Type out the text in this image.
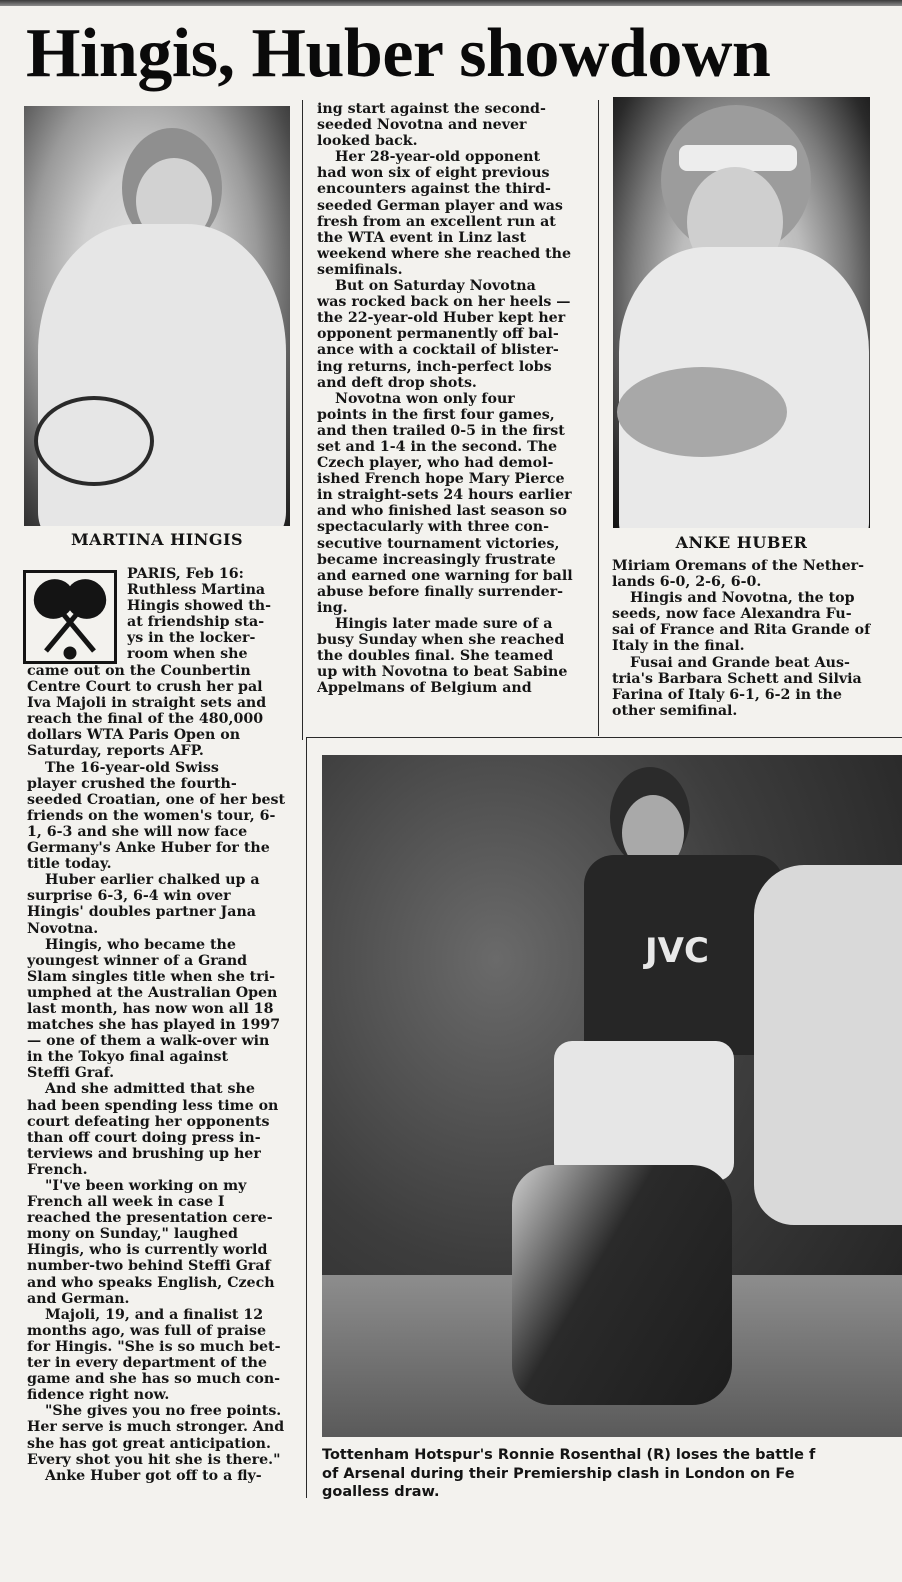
Hingis, Huber showdown
MARTINA HINGIS	ANKE HUBER
PARIS, Feb 16:
Ruthless Martina
Hingis showed th-
at friendship sta-
ys in the locker-
room when she
came out on the Counbertin
Centre Court to crush her pal
Iva Majoli in straight sets and
reach the final of the 480,000
dollars WTA Paris Open on
Saturday, reports AFP.
The 16-year-old Swiss
player crushed the fourth-
seeded Croatian, one of her best
friends on the women's tour, 6-
1, 6-3 and she will now face
Germany's Anke Huber for the
title today.
Huber earlier chalked up a
surprise 6-3, 6-4 win over
Hingis' doubles partner Jana
Novotna.
Hingis, who became the
youngest winner of a Grand
Slam singles title when she tri-
umphed at the Australian Open
last month, has now won all 18
matches she has played in 1997
— one of them a walk-over win
in the Tokyo final against
Steffi Graf.
And she admitted that she
had been spending less time on
court defeating her opponents
than off court doing press in-
terviews and brushing up her
French.
"I've been working on my
French all week in case I
reached the presentation cere-
mony on Sunday," laughed
Hingis, who is currently world
number-two behind Steffi Graf
and who speaks English, Czech
and German.
Majoli, 19, and a finalist 12
months ago, was full of praise
for Hingis. "She is so much bet-
ter in every department of the
game and she has so much con-
fidence right now.
"She gives you no free points.
Her serve is much stronger. And
she has got great anticipation.
Every shot you hit she is there."
Anke Huber got off to a fly-
ing start against the second-
seeded Novotna and never
looked back.
Her 28-year-old opponent
had won six of eight previous
encounters against the third-
seeded German player and was
fresh from an excellent run at
the WTA event in Linz last
weekend where she reached the
semifinals.
But on Saturday Novotna
was rocked back on her heels —
the 22-year-old Huber kept her
opponent permanently off bal-
ance with a cocktail of blister-
ing returns, inch-perfect lobs
and deft drop shots.
Novotna won only four
points in the first four games,
and then trailed 0-5 in the first
set and 1-4 in the second. The
Czech player, who had demol-
ished French hope Mary Pierce
in straight-sets 24 hours earlier
and who finished last season so
spectacularly with three con-
secutive tournament victories,
became increasingly frustrate
and earned one warning for ball
abuse before finally surrender-
ing.
Hingis later made sure of a
busy Sunday when she reached
the doubles final. She teamed
up with Novotna to beat Sabine
Appelmans of Belgium and
Miriam Oremans of the Nether-
lands 6-0, 2-6, 6-0.
Hingis and Novotna, the top
seeds, now face Alexandra Fu-
sai of France and Rita Grande of
Italy in the final.
Fusai and Grande beat Aus-
tria's Barbara Schett and Silvia
Farina of Italy 6-1, 6-2 in the
other semifinal.
JVC
Tottenham Hotspur's Ronnie Rosenthal (R) loses the battle f
of Arsenal during their Premiership clash in London on Fe
goalless draw.
